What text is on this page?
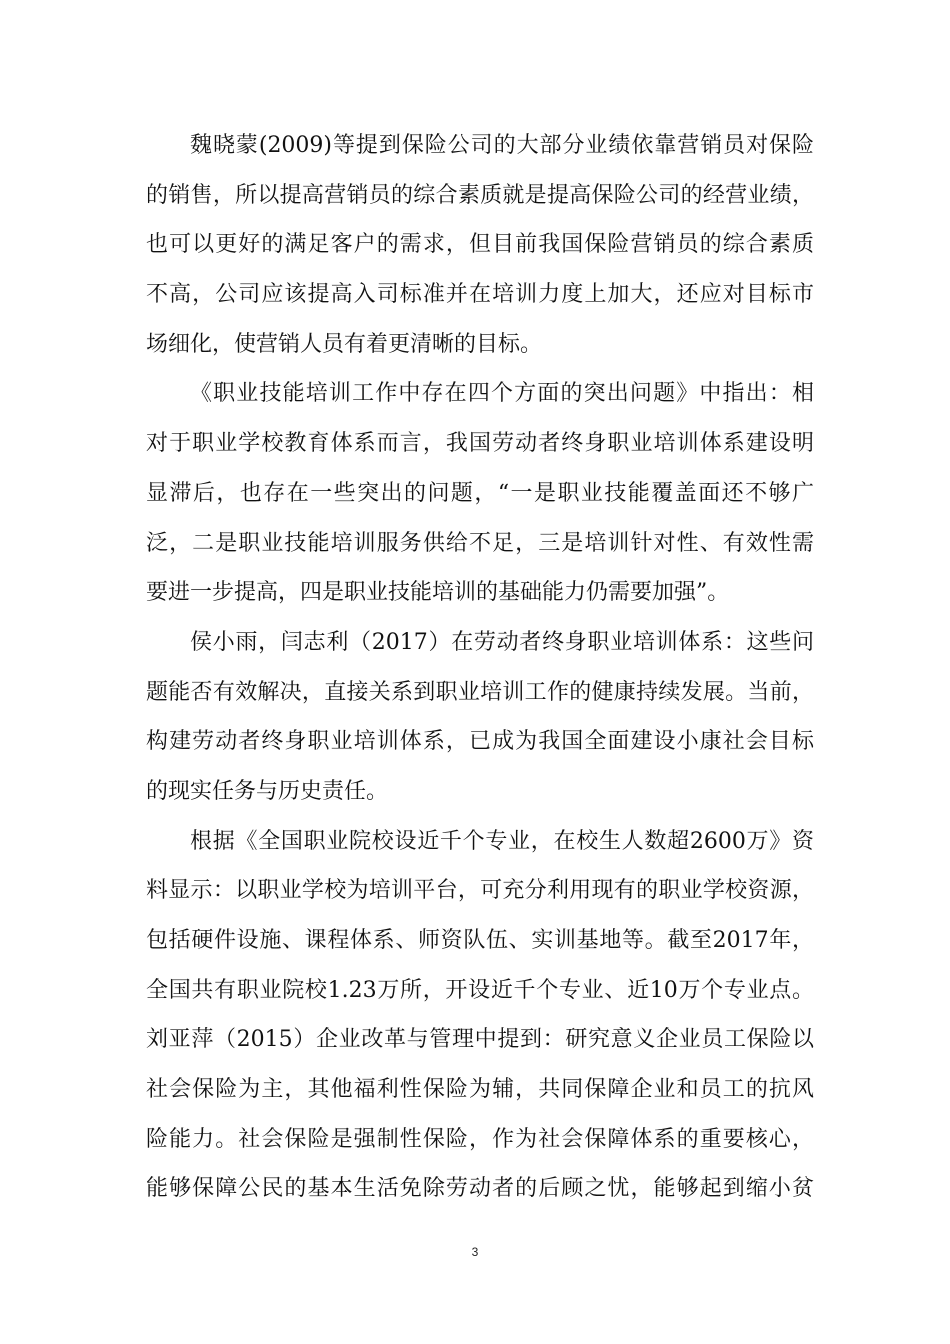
魏晓蒙(2009)等提到保险公司的大部分业绩依靠营销员对保险
的销售，所以提高营销员的综合素质就是提高保险公司的经营业绩，
也可以更好的满足客户的需求，但目前我国保险营销员的综合素质
不高，公司应该提高入司标准并在培训力度上加大，还应对目标市
场细化，使营销人员有着更清晰的目标。
《职业技能培训工作中存在四个方面的突出问题》中指出：相
对于职业学校教育体系而言，我国劳动者终身职业培训体系建设明
显滞后，也存在一些突出的问题，“一是职业技能覆盖面还不够广
泛，二是职业技能培训服务供给不足，三是培训针对性、有效性需
要进一步提高，四是职业技能培训的基础能力仍需要加强”。
侯小雨，闫志利（2017）在劳动者终身职业培训体系：这些问
题能否有效解决，直接关系到职业培训工作的健康持续发展。当前，
构建劳动者终身职业培训体系，已成为我国全面建设小康社会目标
的现实任务与历史责任。
根据《全国职业院校设近千个专业，在校生人数超2600万》资
料显示：以职业学校为培训平台，可充分利用现有的职业学校资源，
包括硬件设施、课程体系、师资队伍、实训基地等。截至2017年，
全国共有职业院校1.23万所，开设近千个专业、近10万个专业点。
刘亚萍（2015）企业改革与管理中提到：研究意义企业员工保险以
社会保险为主，其他福利性保险为辅，共同保障企业和员工的抗风
险能力。社会保险是强制性保险，作为社会保障体系的重要核心，
能够保障公民的基本生活免除劳动者的后顾之忧，能够起到缩小贫
3
